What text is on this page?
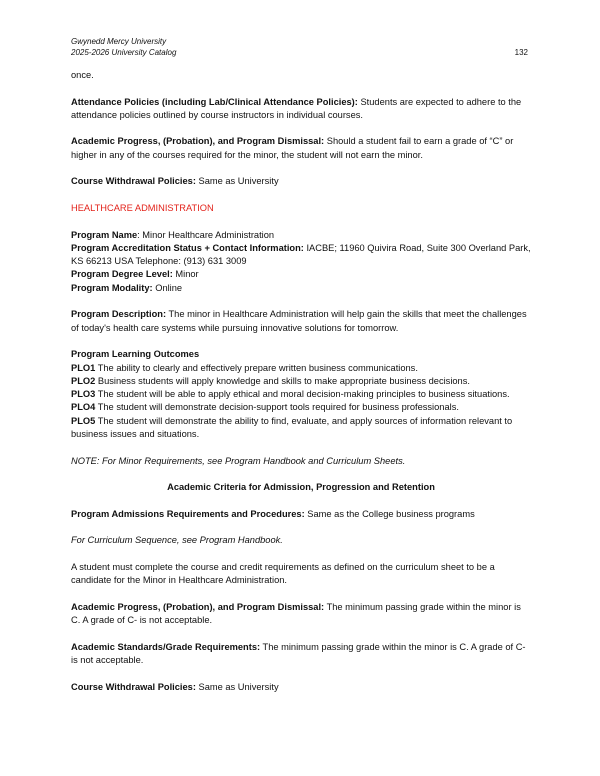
Gwynedd Mercy University
2025-2026 University Catalog	132

once.

Attendance Policies (including Lab/Clinical Attendance Policies): Students are expected to adhere to the attendance policies outlined by course instructors in individual courses.

Academic Progress, (Probation), and Program Dismissal: Should a student fail to earn a grade of “C” or higher in any of the courses required for the minor, the student will not earn the minor.

Course Withdrawal Policies: Same as University

HEALTHCARE ADMINISTRATION

Program Name: Minor Healthcare Administration

Program Accreditation Status + Contact Information: IACBE; 11960 Quivira Road, Suite 300 Overland Park, KS 66213 USA Telephone: (913) 631 3009

Program Degree Level: Minor

Program Modality: Online

Program Description: The minor in Healthcare Administration will help gain the skills that meet the challenges of today's health care systems while pursuing innovative solutions for tomorrow.

Program Learning Outcomes

PLO1 The ability to clearly and effectively prepare written business communications.

PLO2 Business students will apply knowledge and skills to make appropriate business decisions.

PLO3 The student will be able to apply ethical and moral decision-making principles to business situations.

PLO4 The student will demonstrate decision-support tools required for business professionals.

PLO5 The student will demonstrate the ability to find, evaluate, and apply sources of information relevant to business issues and situations.

NOTE: For Minor Requirements, see Program Handbook and Curriculum Sheets.

Academic Criteria for Admission, Progression and Retention

Program Admissions Requirements and Procedures: Same as the College business programs

For Curriculum Sequence, see Program Handbook.

A student must complete the course and credit requirements as defined on the curriculum sheet to be a candidate for the Minor in Healthcare Administration.

Academic Progress, (Probation), and Program Dismissal: The minimum passing grade within the minor is C. A grade of C- is not acceptable.

Academic Standards/Grade Requirements: The minimum passing grade within the minor is C. A grade of C- is not acceptable.

Course Withdrawal Policies: Same as University
